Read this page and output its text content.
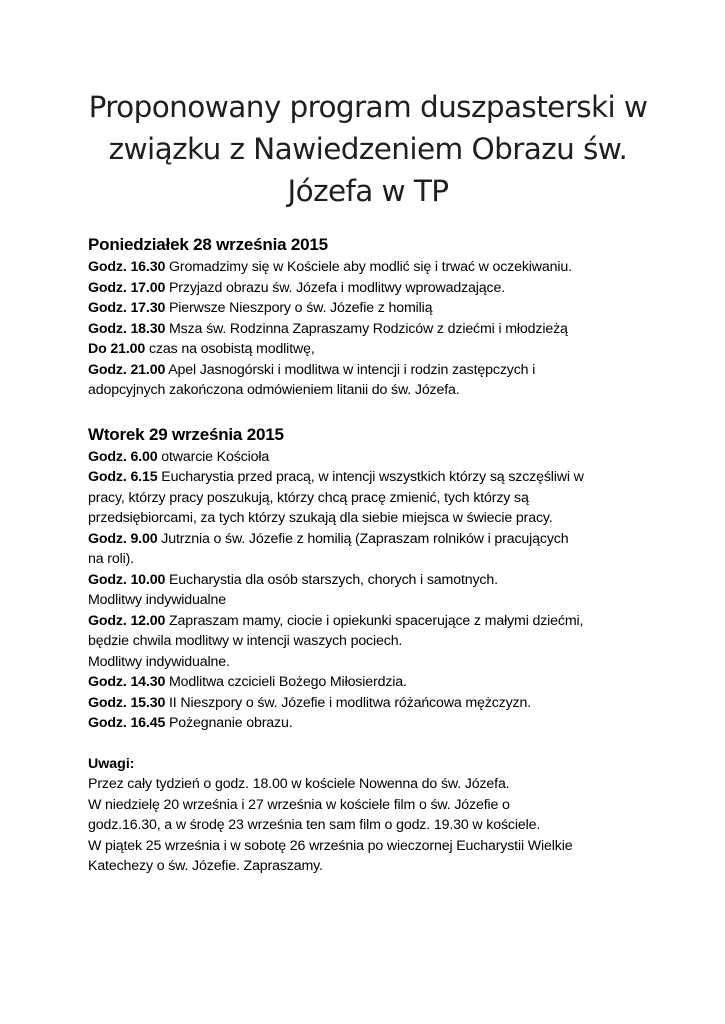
Proponowany program duszpasterski w
związku z Nawiedzeniem Obrazu św.
Józefa w TP

Poniedziałek 28 września 2015

Godz. 16.30 Gromadzimy się w Kościele aby modlić się i trwać w oczekiwaniu.

Godz. 17.00 Przyjazd obrazu św. Józefa i modlitwy wprowadzające.

Godz. 17.30 Pierwsze Nieszpory o św. Józefie z homilią

Godz. 18.30 Msza św. Rodzinna Zapraszamy Rodziców z dziećmi i młodzieżą

Do 21.00 czas na osobistą modlitwę,

Godz. 21.00 Apel Jasnogórski i modlitwa w intencji i rodzin zastępczych i

adopcyjnych zakończona odmówieniem litanii do św. Józefa.

Wtorek 29 września 2015

Godz. 6.00 otwarcie Kościoła

Godz. 6.15 Eucharystia przed pracą, w intencji wszystkich którzy są szczęśliwi w

pracy, którzy pracy poszukują, którzy chcą pracę zmienić, tych którzy są

przedsiębiorcami, za tych którzy szukają dla siebie miejsca w świecie pracy.

Godz. 9.00 Jutrznia o św. Józefie z homilią (Zapraszam rolników i pracujących

na roli).

Godz. 10.00 Eucharystia dla osób starszych, chorych i samotnych.

Modlitwy indywidualne

Godz. 12.00 Zapraszam mamy, ciocie i opiekunki spacerujące z małymi dziećmi,

będzie chwila modlitwy w intencji waszych pociech.

Modlitwy indywidualne.

Godz. 14.30 Modlitwa czcicieli Bożego Miłosierdzia.

Godz. 15.30 II Nieszpory o św. Józefie i modlitwa różańcowa mężczyzn.

Godz. 16.45 Pożegnanie obrazu.

Uwagi:

Przez cały tydzień o godz. 18.00 w kościele Nowenna do św. Józefa.

W niedzielę 20 września i 27 września w kościele film o św. Józefie o

godz.16.30, a w środę 23 września ten sam film o godz. 19.30 w kościele.

W piątek 25 września i w sobotę 26 września po wieczornej Eucharystii Wielkie

Katechezy o św. Józefie. Zapraszamy.
